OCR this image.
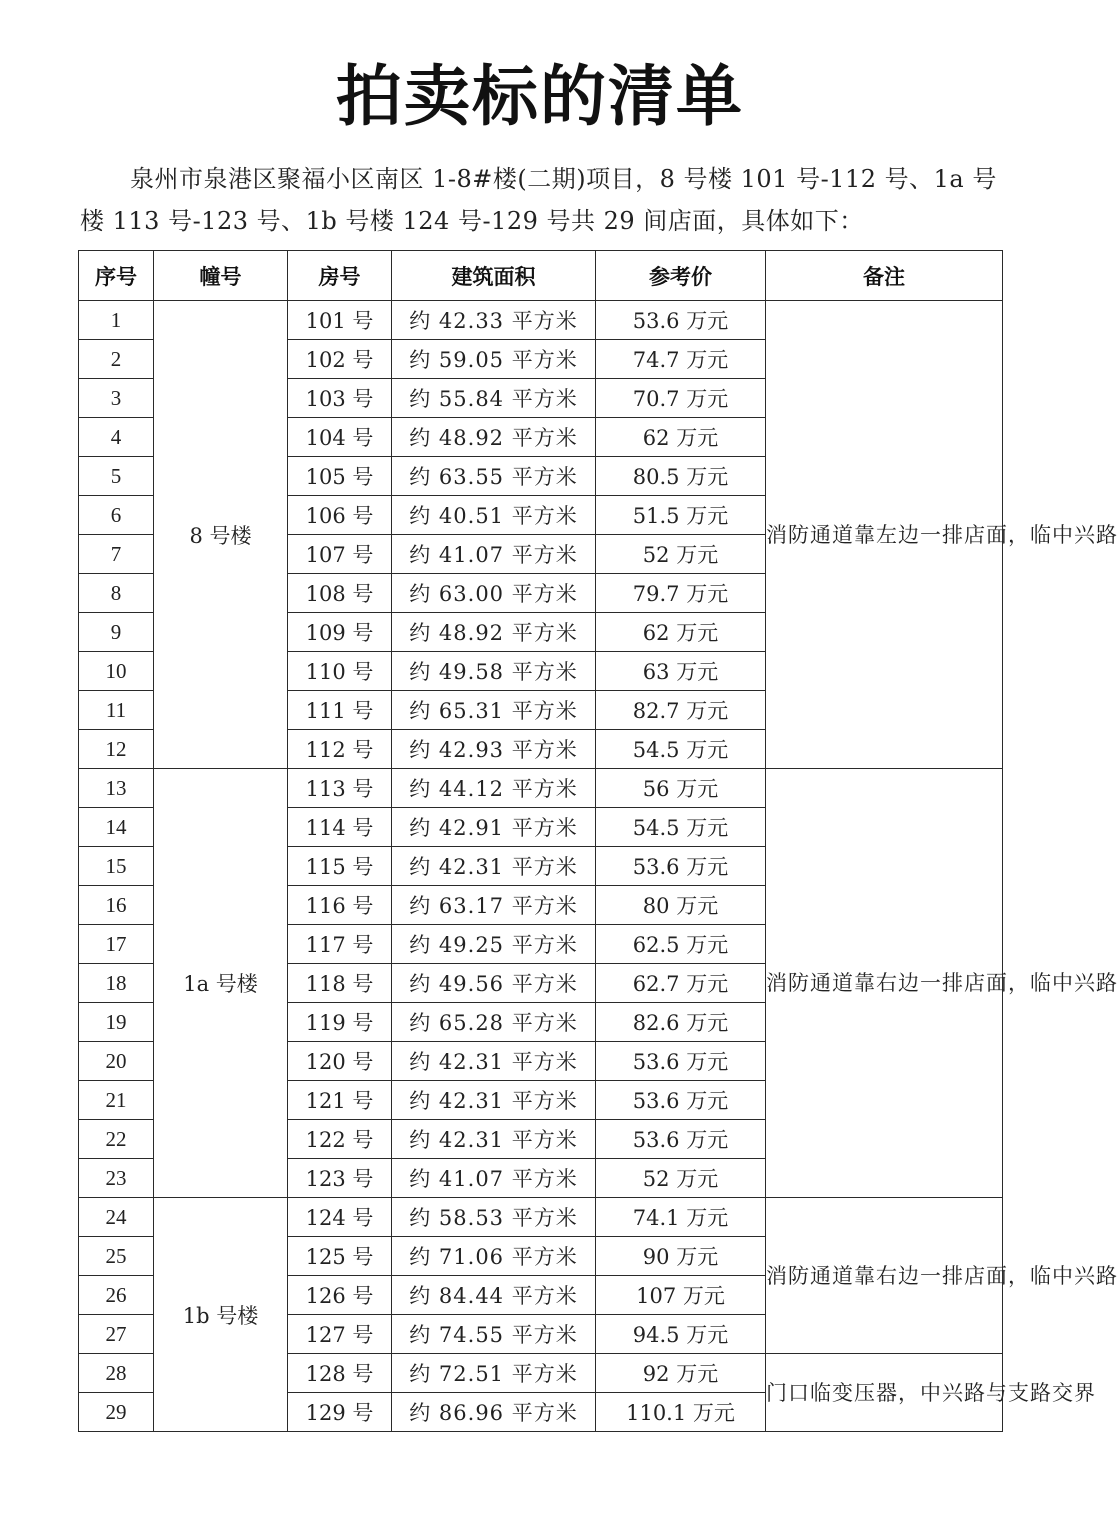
拍卖标的清单
泉州市泉港区聚福小区南区 1-8#楼(二期)项目，8 号楼 101 号-112 号、1a 号楼 113 号-123 号、1b 号楼 124 号-129 号共 29 间店面，具体如下：
序号	幢号	房号	建筑面积	参考价	备注
1	8 号楼	101 号	约 42.33 平方米	53.6 万元	消防通道靠左边一排店面，临中兴路
2		102 号	约 59.05 平方米	74.7 万元	
3		103 号	约 55.84 平方米	70.7 万元	
4		104 号	约 48.92 平方米	62 万元	
5		105 号	约 63.55 平方米	80.5 万元	
6		106 号	约 40.51 平方米	51.5 万元	
7		107 号	约 41.07 平方米	52 万元	
8		108 号	约 63.00 平方米	79.7 万元	
9		109 号	约 48.92 平方米	62 万元	
10		110 号	约 49.58 平方米	63 万元	
11		111 号	约 65.31 平方米	82.7 万元	
12		112 号	约 42.93 平方米	54.5 万元	
13	1a 号楼	113 号	约 44.12 平方米	56 万元	消防通道靠右边一排店面，临中兴路
14		114 号	约 42.91 平方米	54.5 万元	
15		115 号	约 42.31 平方米	53.6 万元	
16		116 号	约 63.17 平方米	80 万元	
17		117 号	约 49.25 平方米	62.5 万元	
18		118 号	约 49.56 平方米	62.7 万元	
19		119 号	约 65.28 平方米	82.6 万元	
20		120 号	约 42.31 平方米	53.6 万元	
21		121 号	约 42.31 平方米	53.6 万元	
22		122 号	约 42.31 平方米	53.6 万元	
23		123 号	约 41.07 平方米	52 万元	
24	1b 号楼	124 号	约 58.53 平方米	74.1 万元	消防通道靠右边一排店面，临中兴路
25		125 号	约 71.06 平方米	90 万元	
26		126 号	约 84.44 平方米	107 万元	
27		127 号	约 74.55 平方米	94.5 万元	
28		128 号	约 72.51 平方米	92 万元	门口临变压器，中兴路与支路交界
29		129 号	约 86.96 平方米	110.1 万元	
